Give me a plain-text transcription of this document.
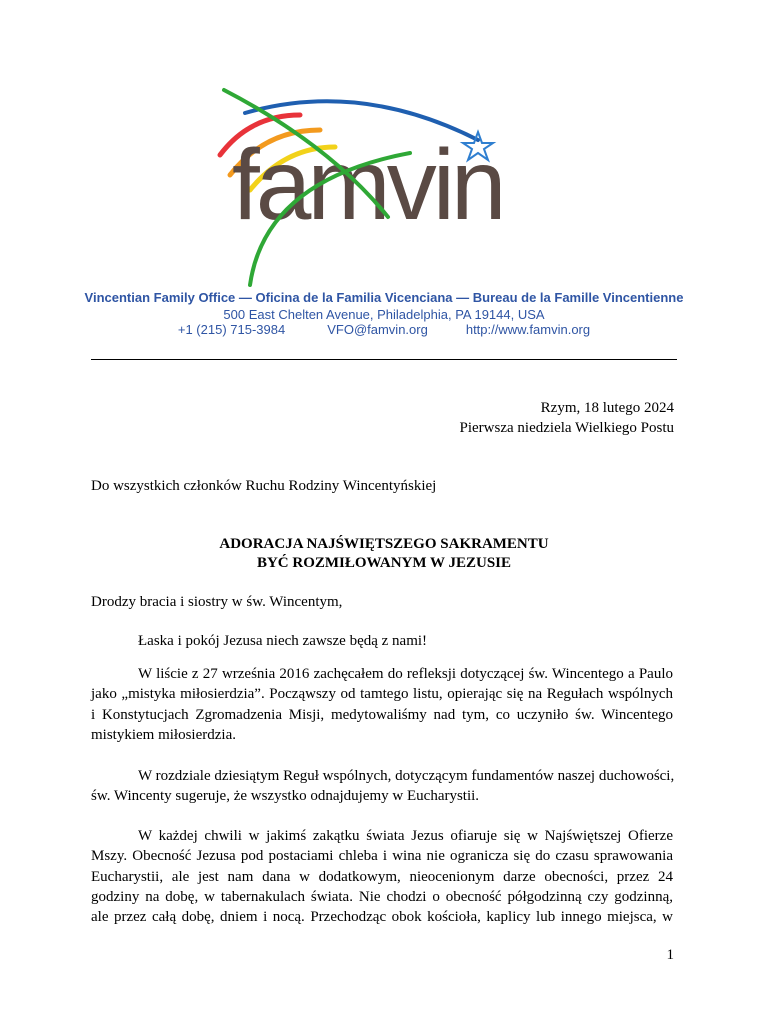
famvin
Vincentian Family Office — Oficina de la Familia Vicenciana — Bureau de la Famille Vincentienne
500 East Chelten Avenue, Philadelphia, PA 19144, USA
+1 (215) 715-3984	VFO@famvin.org	http://www.famvin.org
Rzym, 18 lutego 2024
Pierwsza niedziela Wielkiego Postu
Do wszystkich członków Ruchu Rodziny Wincentyńskiej
ADORACJA NAJŚWIĘTSZEGO SAKRAMENTU
BYĆ ROZMIŁOWANYM W JEZUSIE
Drodzy bracia i siostry w św. Wincentym,
Łaska i pokój Jezusa niech zawsze będą z nami!
W liście z 27 września 2016 zachęcałem do refleksji dotyczącej św. Wincentego a Paulo
jako „mistyka miłosierdzia”. Począwszy od tamtego listu, opierając się na Regułach wspólnych
i Konstytucjach Zgromadzenia Misji, medytowaliśmy nad tym, co uczyniło św. Wincentego
mistykiem miłosierdzia.
W rozdziale dziesiątym Reguł wspólnych, dotyczącym fundamentów naszej duchowości,
św. Wincenty sugeruje, że wszystko odnajdujemy w Eucharystii.
W każdej chwili w jakimś zakątku świata Jezus ofiaruje się w Najświętszej Ofierze
Mszy. Obecność Jezusa pod postaciami chleba i wina nie ogranicza się do czasu sprawowania
Eucharystii, ale jest nam dana w dodatkowym, nieocenionym darze obecności, przez 24
godziny na dobę, w tabernakulach świata. Nie chodzi o obecność półgodzinną czy godzinną,
ale przez całą dobę, dniem i nocą. Przechodząc obok kościoła, kaplicy lub innego miejsca, w
1
